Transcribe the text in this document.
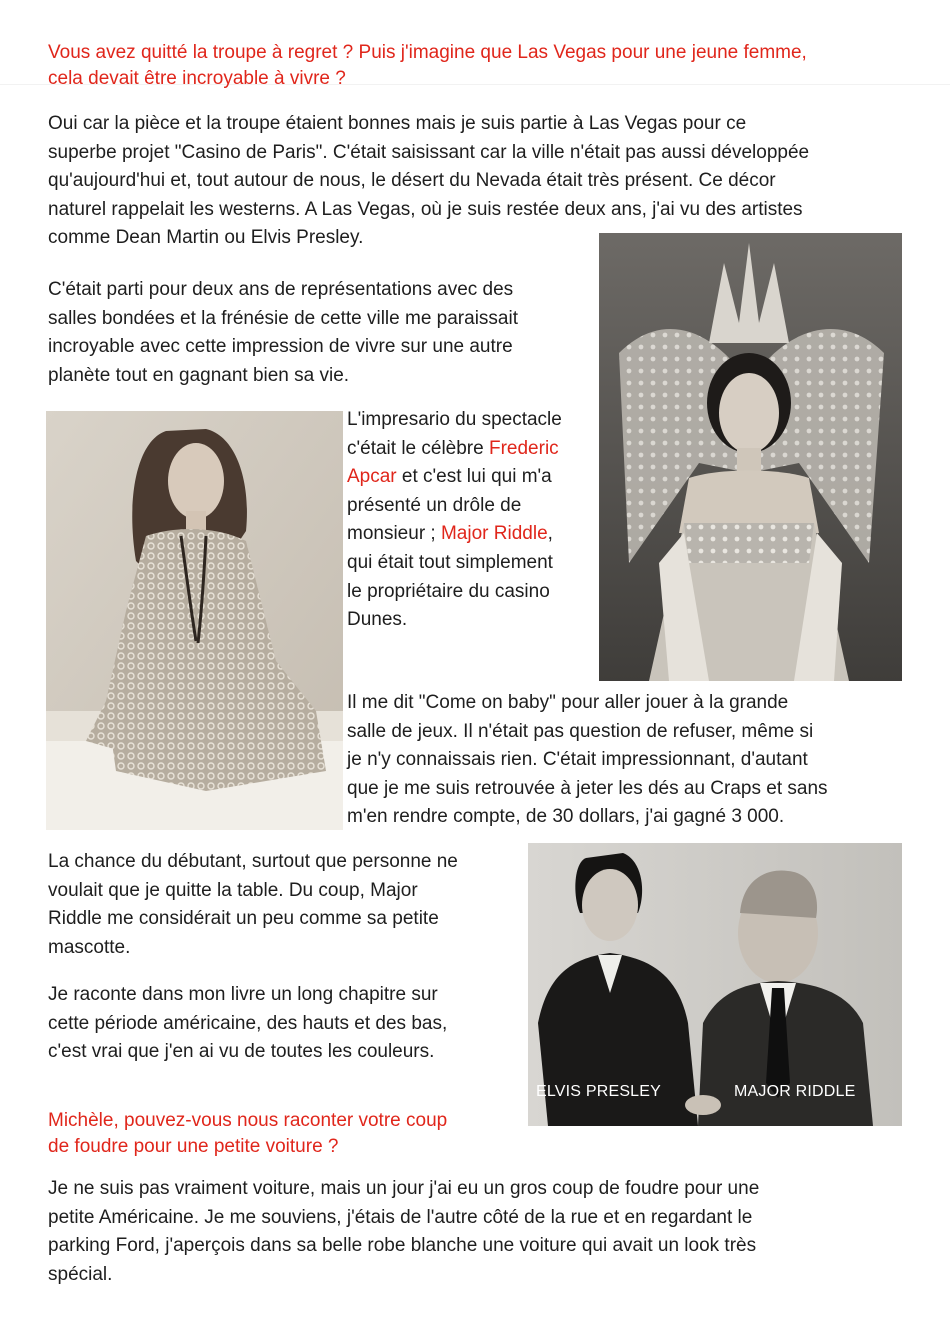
Vous avez quitté la troupe à regret ? Puis j'imagine que Las Vegas pour une jeune femme,
cela devait être incroyable à vivre ?

Oui car la pièce et la troupe étaient bonnes mais je suis partie à Las Vegas pour ce
superbe projet "Casino de Paris". C'était saisissant car la ville n'était pas aussi développée
qu'aujourd'hui et, tout autour de nous, le désert du Nevada était très présent. Ce décor
naturel rappelait les westerns. A Las Vegas, où je suis restée deux ans, j'ai vu des artistes
comme Dean Martin ou Elvis Presley.

C'était parti pour deux ans de représentations avec des
salles bondées et la frénésie de cette ville me paraissait
incroyable avec cette impression de vivre sur une autre
planète tout en gagnant bien sa vie.

L'impresario du spectacle
c'était le célèbre Frederic
Apcar et c'est lui qui m'a
présenté un drôle de
monsieur ; Major Riddle,
qui était tout simplement
le propriétaire du casino
Dunes.

Il me dit "Come on baby" pour aller jouer à la grande
salle de jeux. Il n'était pas question de refuser, même si
je n'y connaissais rien. C'était impressionnant, d'autant
que je me suis retrouvée à jeter les dés au Craps et sans
m'en rendre compte, de 30 dollars, j'ai gagné 3 000.

La chance du débutant, surtout que personne ne
voulait que je quitte la table. Du coup, Major
Riddle me considérait un peu comme sa petite
mascotte.

Je raconte dans mon livre un long chapitre sur
cette période américaine, des hauts et des bas,
c'est vrai que j'en ai vu de toutes les couleurs.

ELVIS PRESLEY	MAJOR RIDDLE

Michèle, pouvez-vous nous raconter votre coup
de foudre pour une petite voiture ?

Je ne suis pas vraiment voiture, mais un jour j'ai eu un gros coup de foudre pour une
petite Américaine. Je me souviens, j'étais de l'autre côté de la rue et en regardant le
parking Ford, j'aperçois dans sa belle robe blanche une voiture qui avait un look très
spécial.
